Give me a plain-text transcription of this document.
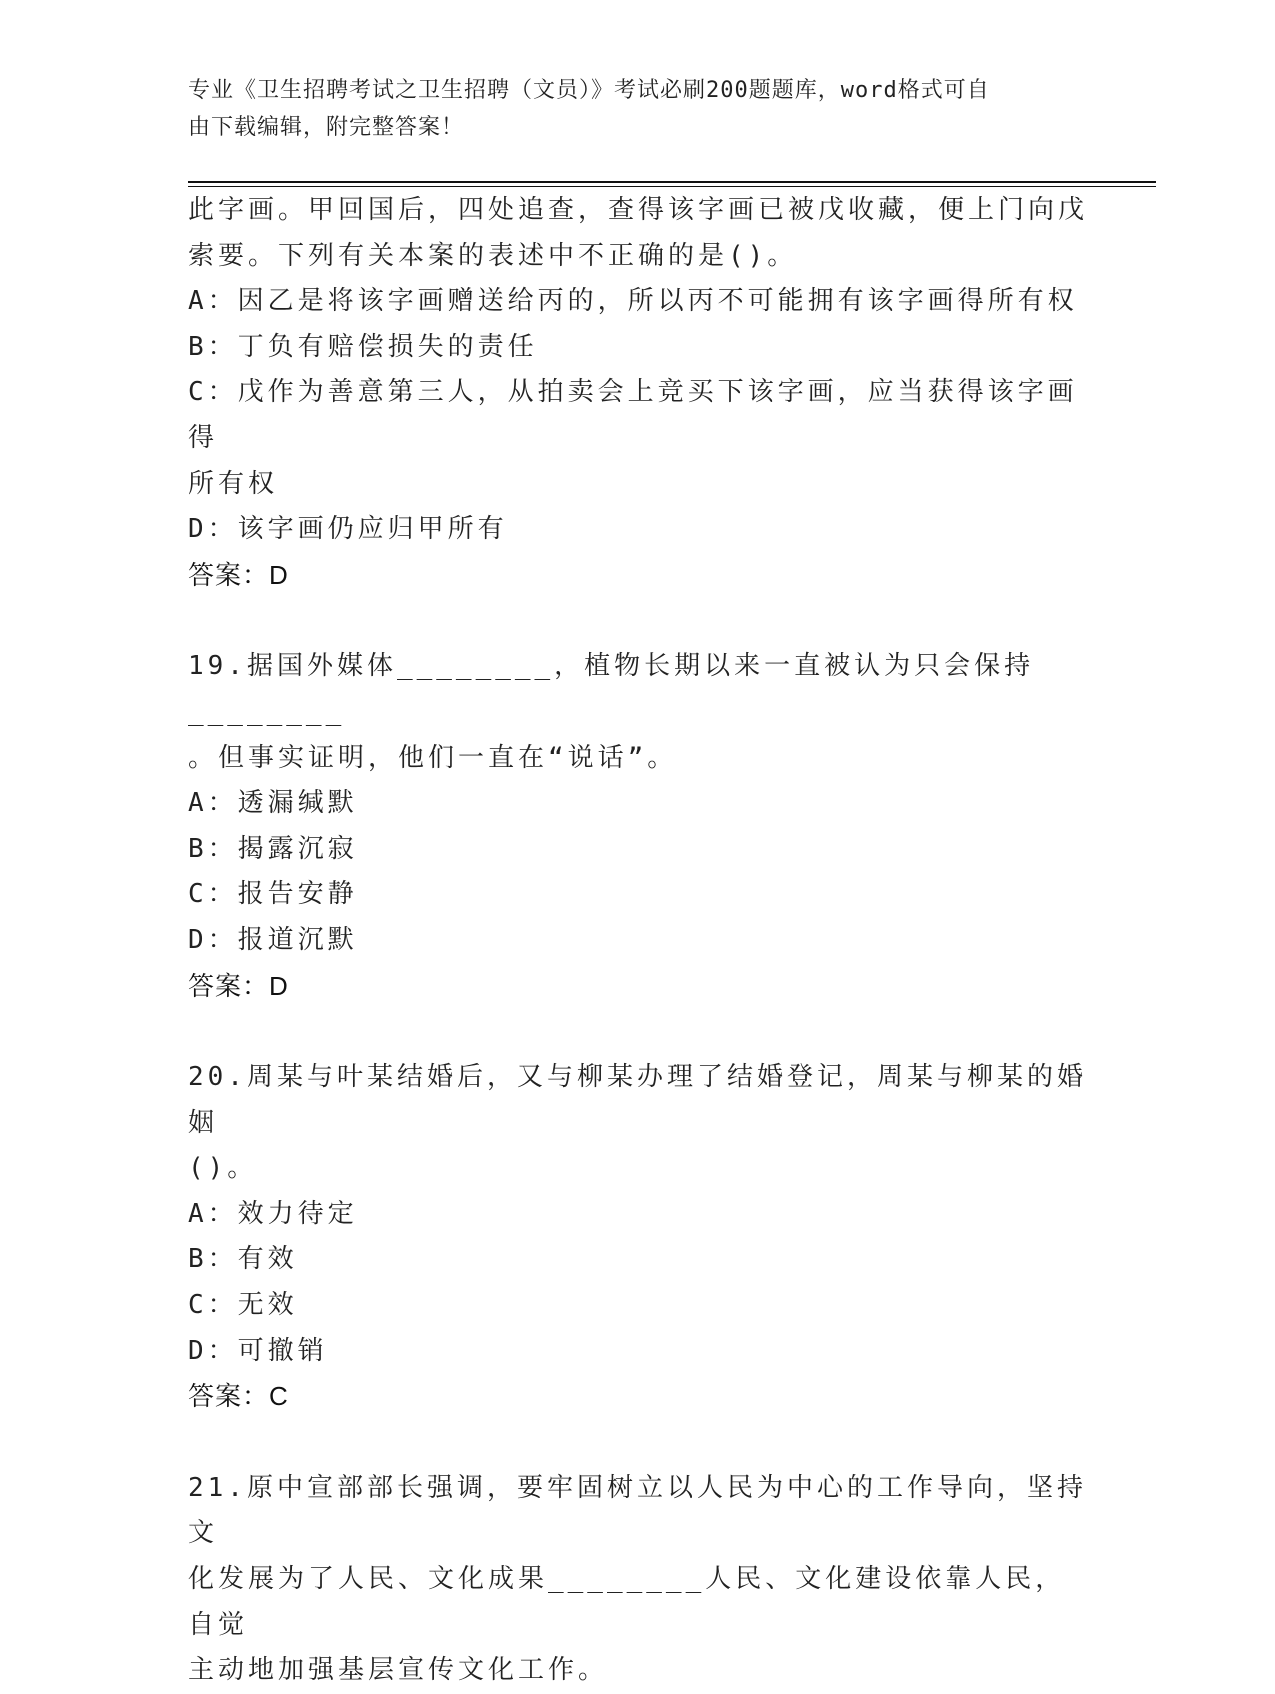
专业《卫生招聘考试之卫生招聘（文员）》考试必刷200题题库，word格式可自
由下载编辑，附完整答案！
此字画。甲回国后，四处追查，查得该字画已被戊收藏，便上门向戊
索要。下列有关本案的表述中不正确的是()。
A：因乙是将该字画赠送给丙的，所以丙不可能拥有该字画得所有权
B：丁负有赔偿损失的责任
C：戊作为善意第三人，从拍卖会上竞买下该字画，应当获得该字画得
所有权
D：该字画仍应归甲所有
答案：D
19.据国外媒体________，植物长期以来一直被认为只会保持________
。但事实证明，他们一直在“说话”。
A：透漏缄默
B：揭露沉寂
C：报告安静
D：报道沉默
答案：D
20.周某与叶某结婚后，又与柳某办理了结婚登记，周某与柳某的婚姻
()。
A：效力待定
B：有效
C：无效
D：可撤销
答案：C
21.原中宣部部长强调，要牢固树立以人民为中心的工作导向，坚持文
化发展为了人民、文化成果________人民、文化建设依靠人民，自觉
主动地加强基层宣传文化工作。
